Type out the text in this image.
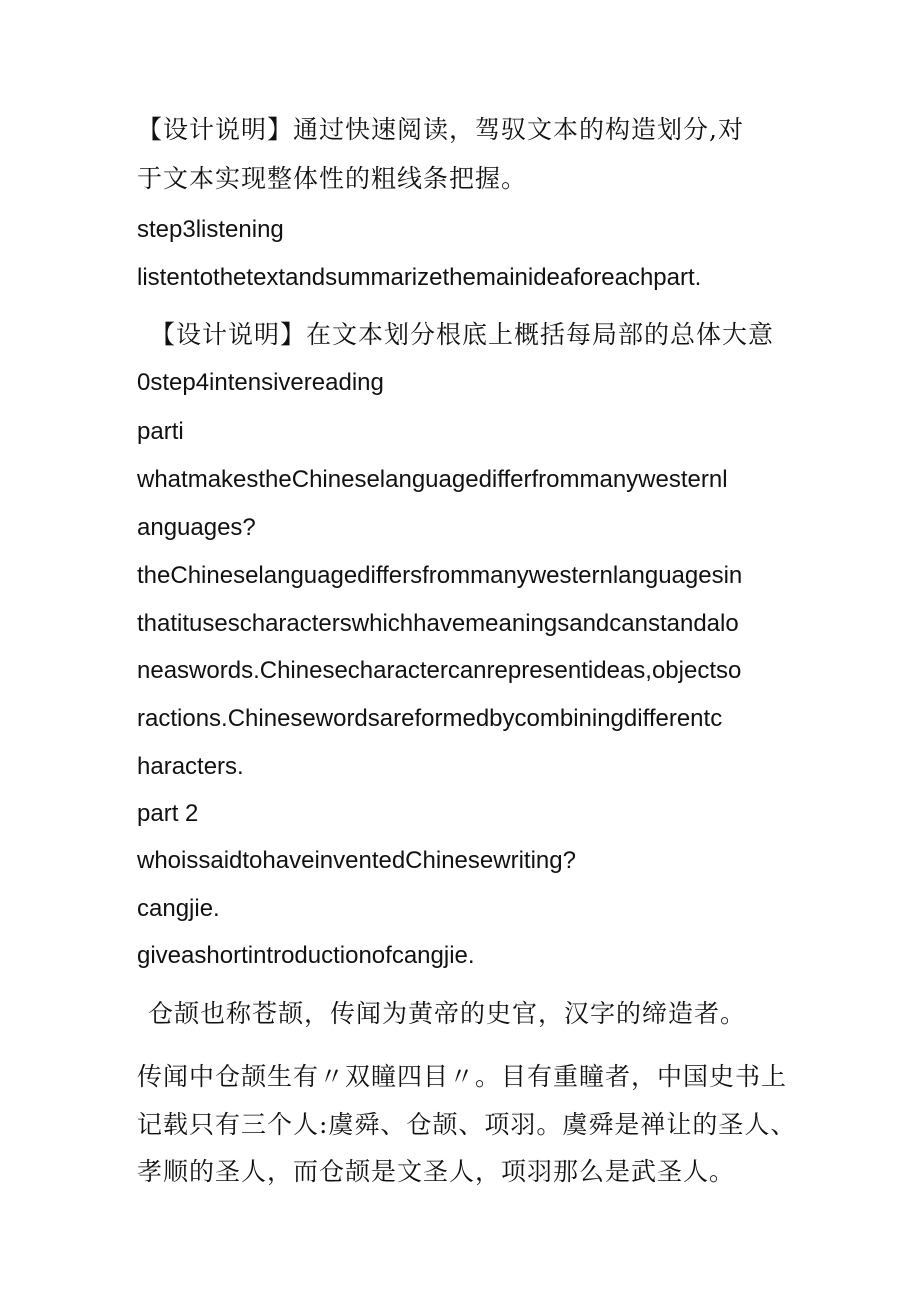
【设计说明】通过快速阅读，驾驭文本的构造划分,对

于文本实现整体性的粗线条把握。

step3listening

listentothetextandsummarizethemainideaforeachpart.

【设计说明】在文本划分根底上概括每局部的总体大意

0step4intensivereading

parti

whatmakestheChineselanguagedifferfrommanywesternl

anguages?

theChineselanguagediffersfrommanywesternlanguagesin

thatitusescharacterswhichhavemeaningsandcanstandalo

neaswords.Chinesecharactercanrepresentideas,objectso

ractions.Chinesewordsareformedbycombiningdifferentc

haracters.

part 2

whoissaidtohaveinventedChinesewriting?

cangjie.

giveashortintroductionofcangjie.

仓颉也称苍颉，传闻为黄帝的史官，汉字的缔造者。

传闻中仓颉生有〃双瞳四目〃。目有重瞳者，中国史书上

记载只有三个人:虞舜、仓颉、项羽。虞舜是禅让的圣人、

孝顺的圣人，而仓颉是文圣人，项羽那么是武圣人。
